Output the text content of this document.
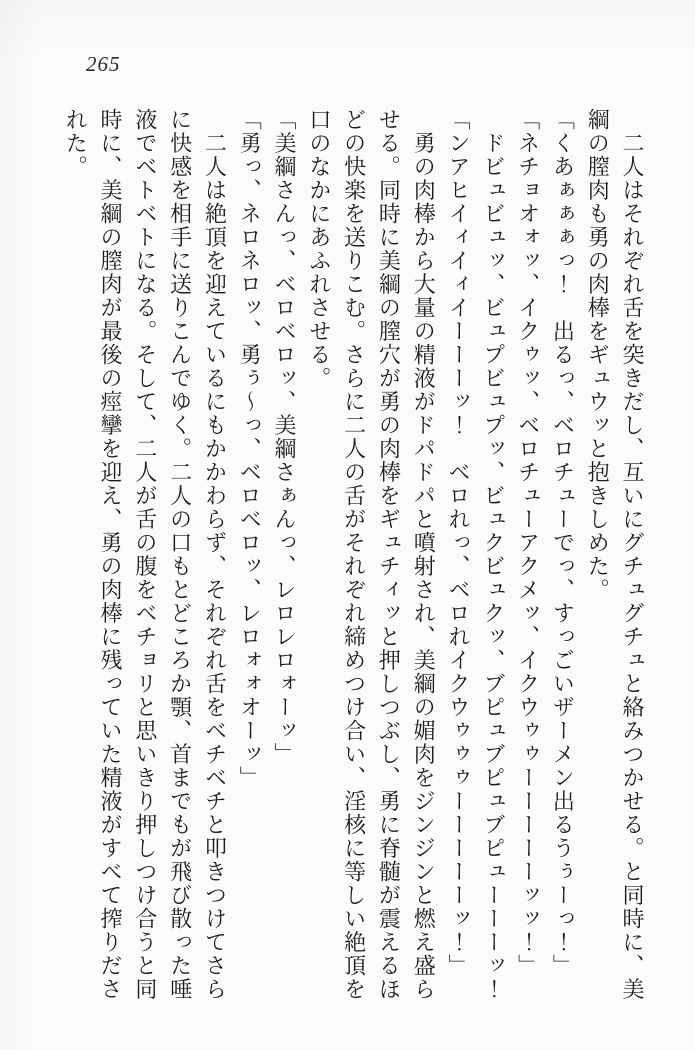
265

　二人はそれぞれ舌を突きだし、互いにグチュグチュと絡みつかせる。と同時に、美綱の膣肉も勇の肉棒をギュウッと抱きしめた。

「くあぁぁぁっ！　出るっ、ベロチューでっ、すっごいザーメン出るうぅーっ！」

「ネチョオォッ、イクゥッ、ベロチューアクメッ、イクウゥゥーーーーーッッ！」

　ドビュビュッ、ビュプビュプッ、ビュクビュクッ、ブピュブピュブピューーーッ！

「ンアヒイィイィイーーーッ！　ベロれっ、ベロれイクウゥゥゥーーーーーッ！」

　勇の肉棒から大量の精液がドパドパと噴射され、美綱の媚肉をジンジンと燃え盛らせる。同時に美綱の膣穴が勇の肉棒をギュチィッと押しつぶし、勇に脊髄が震えるほどの快楽を送りこむ。さらに二人の舌がそれぞれ締めつけ合い、淫核に等しい絶頂を口のなかにあふれさせる。

「美綱さんっ、ベロベロッ、美綱さぁんっ、レロレロォーッ」

「勇っ、ネロネロッ、勇ぅ～っ、ベロベロッ、レロォォオーッ」

　二人は絶頂を迎えているにもかかわらず、それぞれ舌をベチベチと叩きつけてさらに快感を相手に送りこんでゆく。二人の口もとどころか顎、首までもが飛び散った唾液でベトベトになる。そして、二人が舌の腹をベチョリと思いきり押しつけ合うと同時に、美綱の膣肉が最後の痙攣を迎え、勇の肉棒に残っていた精液がすべて搾りだされた。
